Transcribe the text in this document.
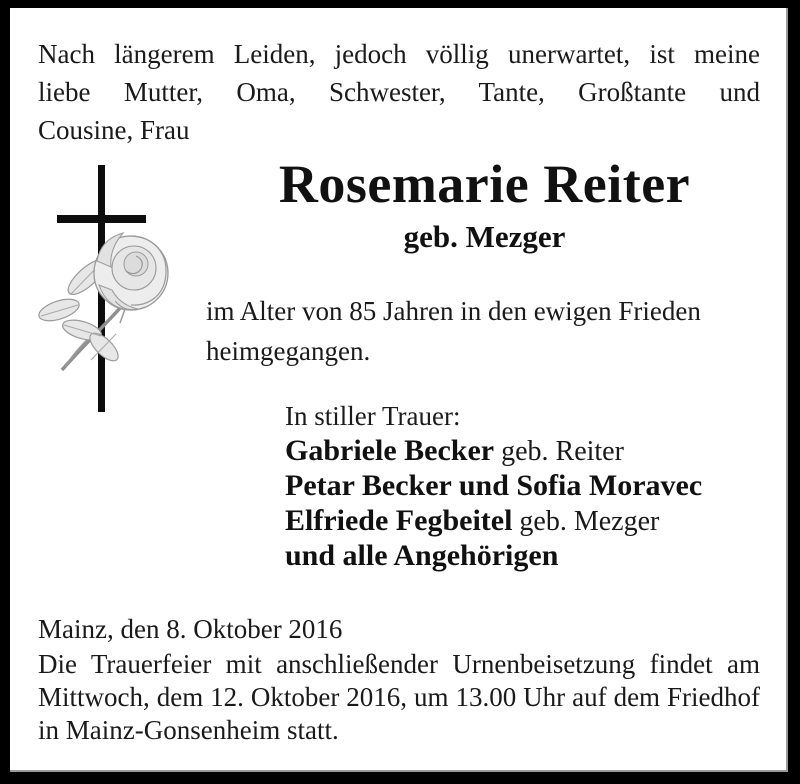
Nach längerem Leiden, jedoch völlig unerwartet, ist meine
liebe Mutter, Oma, Schwester, Tante, Großtante und
Cousine, Frau
Rosemarie Reiter
geb. Mezger
im Alter von 85 Jahren in den ewigen Frieden
heimgegangen.
In stiller Trauer:
Gabriele Becker geb. Reiter
Petar Becker und Sofia Moravec
Elfriede Fegbeitel geb. Mezger
und alle Angehörigen
Mainz, den 8. Oktober 2016
Die Trauerfeier mit anschließender Urnenbeisetzung findet am
Mittwoch, dem 12. Oktober 2016, um 13.00 Uhr auf dem Friedhof
in Mainz-Gonsenheim statt.
